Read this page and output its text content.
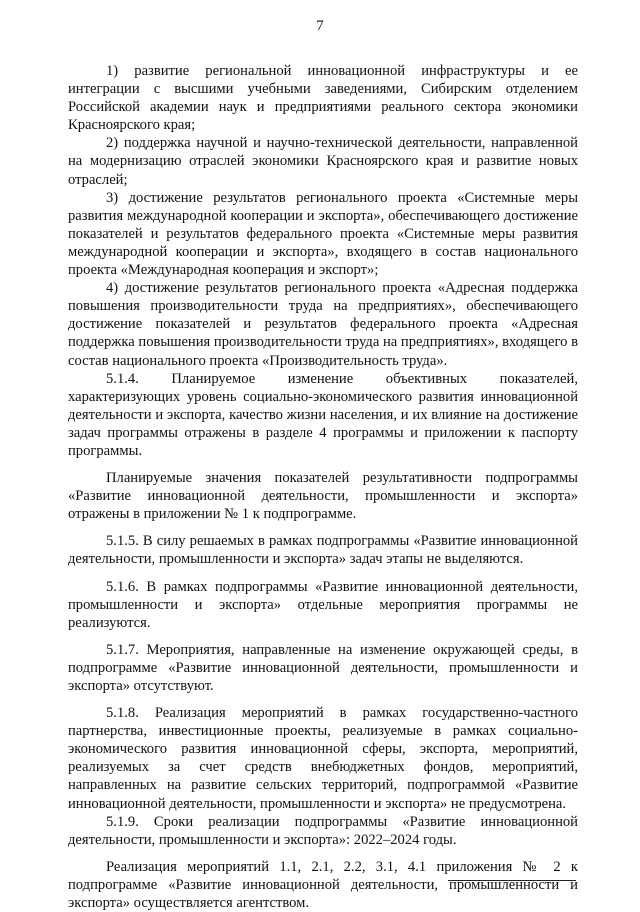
7

1) развитие региональной инновационной инфраструктуры и ее интеграции с высшими учебными заведениями, Сибирским отделением Российской академии наук и предприятиями реального сектора экономики Красноярского края;

2) поддержка научной и научно-технической деятельности, направленной на модернизацию отраслей экономики Красноярского края и развитие новых отраслей;

3) достижение результатов регионального проекта «Системные меры развития международной кооперации и экспорта», обеспечивающего достижение показателей и результатов федерального проекта «Системные меры развития международной кооперации и экспорта», входящего в состав национального проекта «Международная кооперация и экспорт»;

4) достижение результатов регионального проекта «Адресная поддержка повышения производительности труда на предприятиях», обеспечивающего достижение показателей и результатов федерального проекта «Адресная поддержка повышения производительности труда на предприятиях», входящего в состав национального проекта «Производительность труда».

5.1.4. Планируемое изменение объективных показателей, характеризующих уровень социально-экономического развития инновационной деятельности и экспорта, качество жизни населения, и их влияние на достижение задач программы отражены в разделе 4 программы и приложении к паспорту программы.

Планируемые значения показателей результативности подпрограммы «Развитие инновационной деятельности, промышленности и экспорта» отражены в приложении № 1 к подпрограмме.

5.1.5. В силу решаемых в рамках подпрограммы «Развитие инновационной деятельности, промышленности и экспорта» задач этапы не выделяются.

5.1.6. В рамках подпрограммы «Развитие инновационной деятельности, промышленности и экспорта» отдельные мероприятия программы не реализуются.

5.1.7. Мероприятия, направленные на изменение окружающей среды, в подпрограмме «Развитие инновационной деятельности, промышленности и экспорта» отсутствуют.

5.1.8. Реализация мероприятий в рамках государственно-частного партнерства, инвестиционные проекты, реализуемые в рамках социально-экономического развития инновационной сферы, экспорта, мероприятий, реализуемых за счет средств внебюджетных фондов, мероприятий, направленных на развитие сельских территорий, подпрограммой «Развитие инновационной деятельности, промышленности и экспорта» не предусмотрена.

5.1.9. Сроки реализации подпрограммы «Развитие инновационной деятельности, промышленности и экспорта»: 2022–2024 годы.

Реализация мероприятий 1.1, 2.1, 2.2, 3.1, 4.1 приложения № 2 к подпрограмме «Развитие инновационной деятельности, промышленности и экспорта» осуществляется агентством.
